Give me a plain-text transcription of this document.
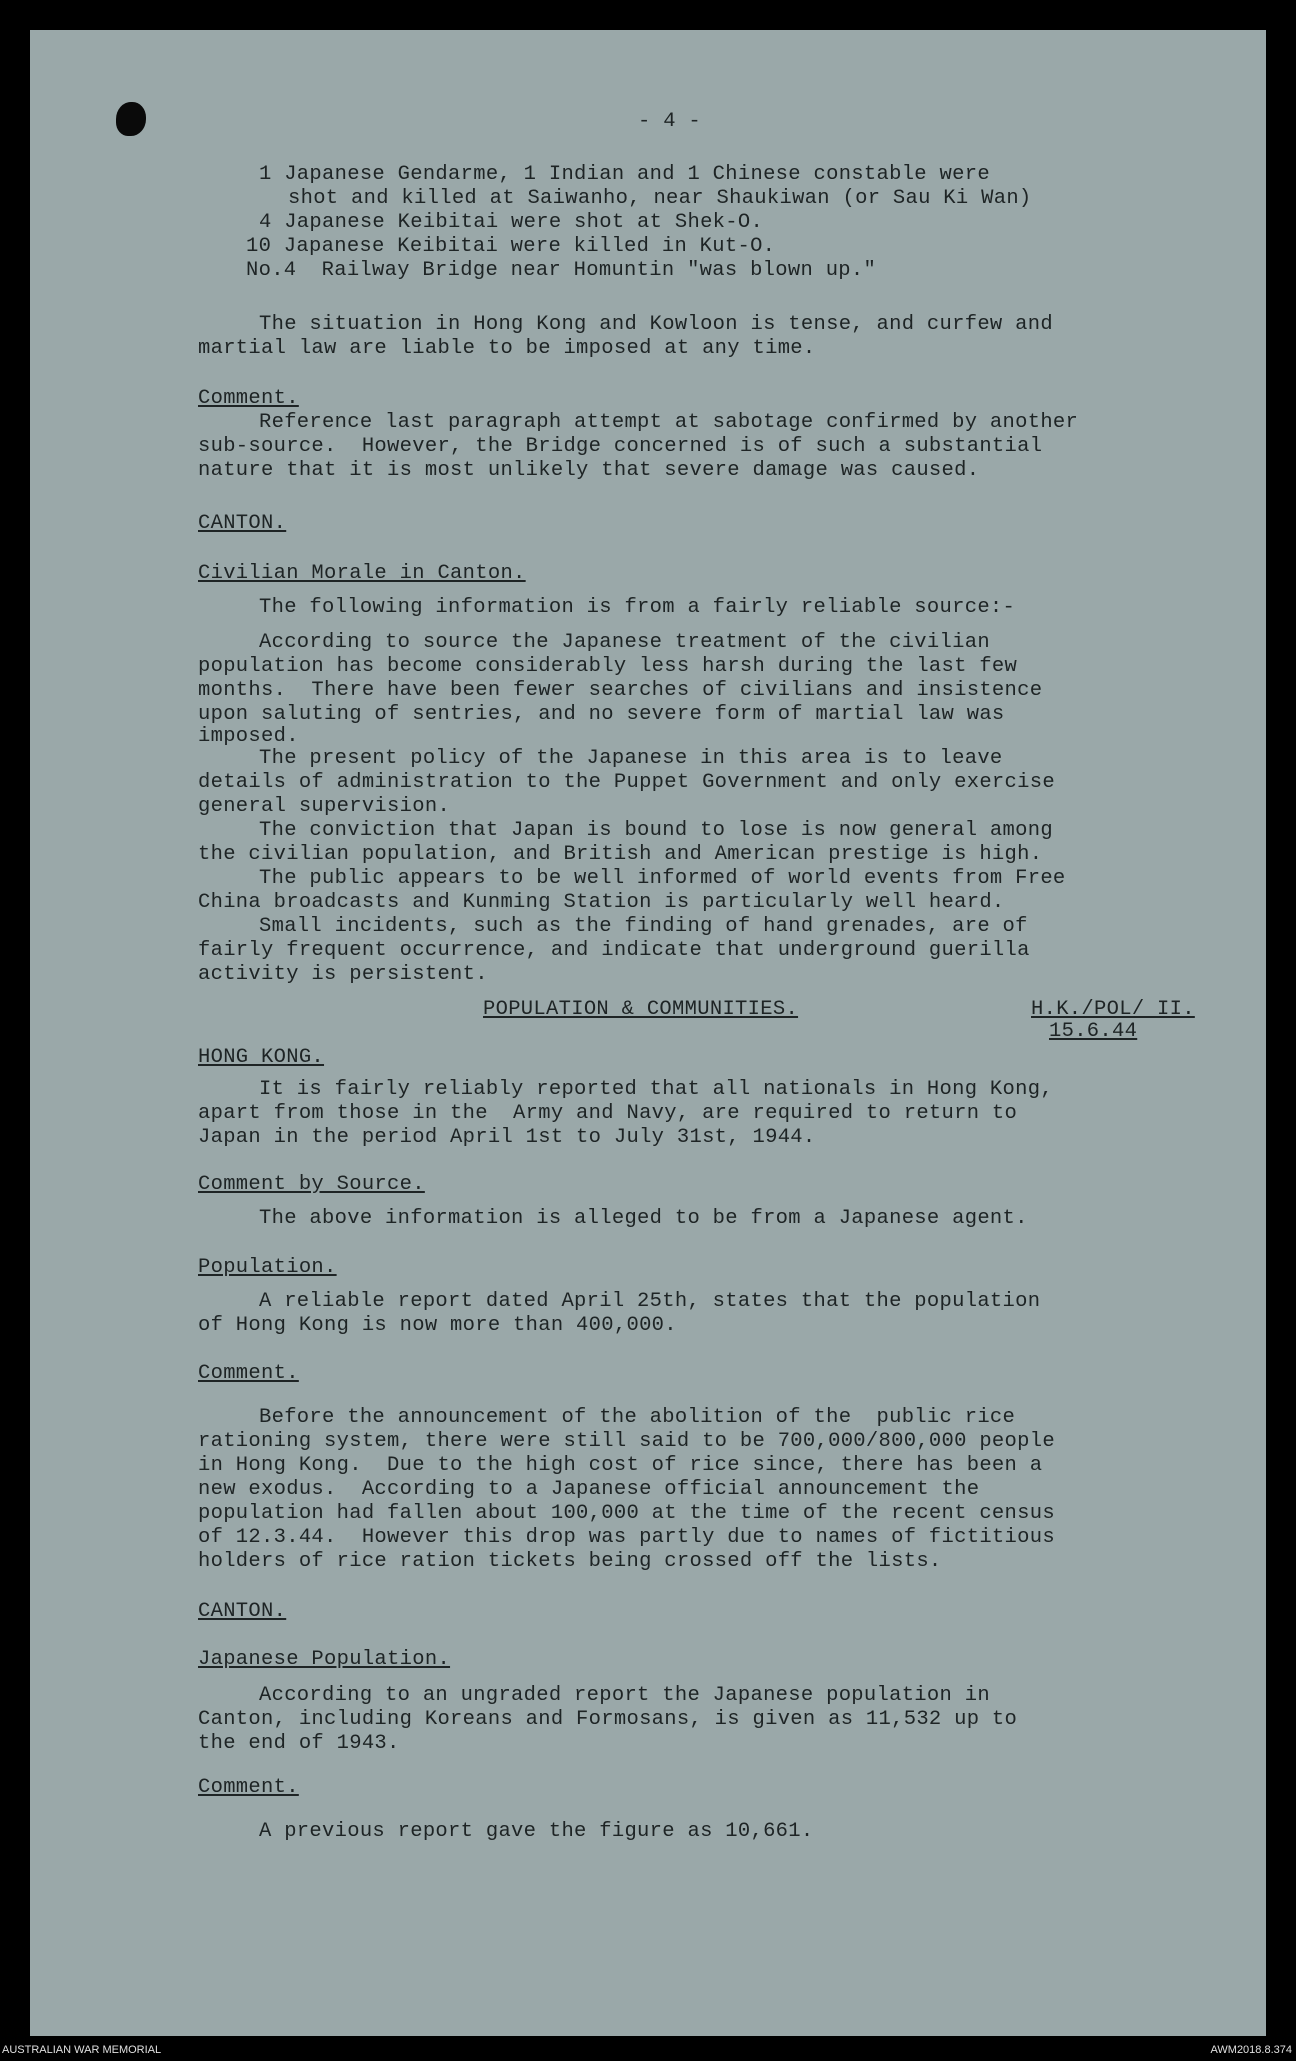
- 4 -
1 Japanese Gendarme, 1 Indian and 1 Chinese constable were
shot and killed at Saiwanho, near Shaukiwan (or Sau Ki Wan)
4 Japanese Keibitai were shot at Shek-O.
10 Japanese Keibitai were killed in Kut-O.
No.4  Railway Bridge near Homuntin "was blown up."
The situation in Hong Kong and Kowloon is tense, and curfew and
martial law are liable to be imposed at any time.
Comment.
Reference last paragraph attempt at sabotage confirmed by another
sub-source.  However, the Bridge concerned is of such a substantial
nature that it is most unlikely that severe damage was caused.
CANTON.
Civilian Morale in Canton.
The following information is from a fairly reliable source:-
According to source the Japanese treatment of the civilian
population has become considerably less harsh during the last few
months.  There have been fewer searches of civilians and insistence
upon saluting of sentries, and no severe form of martial law was
imposed.
The present policy of the Japanese in this area is to leave
details of administration to the Puppet Government and only exercise
general supervision.
The conviction that Japan is bound to lose is now general among
the civilian population, and British and American prestige is high.
The public appears to be well informed of world events from Free
China broadcasts and Kunming Station is particularly well heard.
Small incidents, such as the finding of hand grenades, are of
fairly frequent occurrence, and indicate that underground guerilla
activity is persistent.
POPULATION & COMMUNITIES.	H.K./POL/ II.
15.6.44
HONG KONG.
It is fairly reliably reported that all nationals in Hong Kong,
apart from those in the  Army and Navy, are required to return to
Japan in the period April 1st to July 31st, 1944.
Comment by Source.
The above information is alleged to be from a Japanese agent.
Population.
A reliable report dated April 25th, states that the population
of Hong Kong is now more than 400,000.
Comment.
Before the announcement of the abolition of the  public rice
rationing system, there were still said to be 700,000/800,000 people
in Hong Kong.  Due to the high cost of rice since, there has been a
new exodus.  According to a Japanese official announcement the
population had fallen about 100,000 at the time of the recent census
of 12.3.44.  However this drop was partly due to names of fictitious
holders of rice ration tickets being crossed off the lists.
CANTON.
Japanese Population.
According to an ungraded report the Japanese population in
Canton, including Koreans and Formosans, is given as 11,532 up to
the end of 1943.
Comment.
A previous report gave the figure as 10,661.
AUSTRALIAN WAR MEMORIAL	AWM2018.8.374
